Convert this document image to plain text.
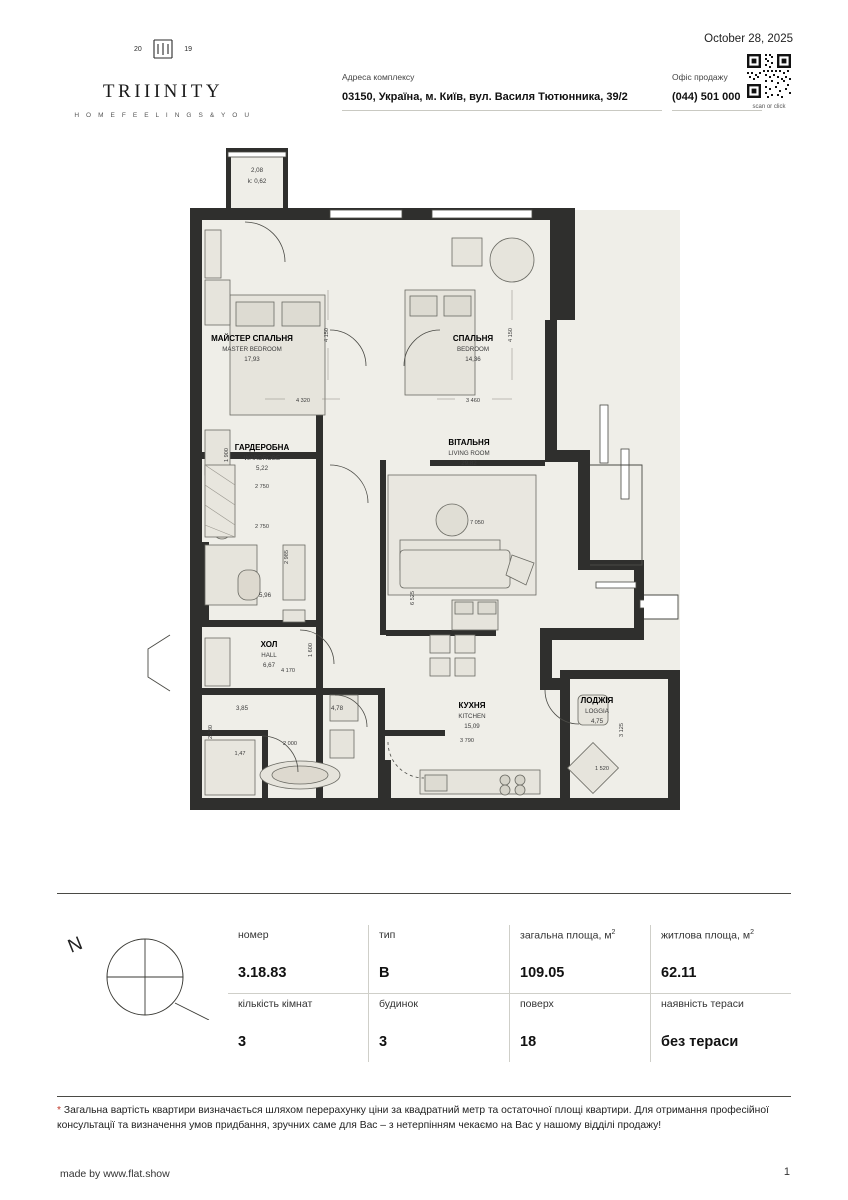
20	19
TRIIINITY
H O M E F E E L I N G S & Y O U
October 28, 2025
Адреса комплексу
03150, Україна, м. Київ, вул. Василя Тютюнника, 39/2
Офіс продажу
(044) 501 000
scan or click
МАЙСТЕР СПАЛЬНЯ
MASTER BEDROOM
17,93
СПАЛЬНЯ
BEDROOM
14,36
ГАРДЕРОБНА
WARDROBE
5,22
ВІТАЛЬНЯ
LIVING ROOM
29,82
ХОЛ
HALL
6,67
КУХНЯ
KITCHEN
15,09
ЛОДЖІЯ
LOGGIA
4,75
2,08
k: 0,62
5,96
4,78
3,85
4 150	4 150
4 320	3 460
1 900
2 750
2 750
2 985
7 050
6 525
1 600
4 170
2 380
2 000
1,47
3 790
3 125
1 520
N	номер
3.18.83
тип
B
загальна площа, $м^2$
109.05
житлова площа, $м^2$
62.11
кількість кімнат
3
будинок
3
поверх
18
наявність тераси
без тераси
* Загальна вартість квартири визначається шляхом перерахунку ціни за квадратний метр та остаточної площі квартири. Для отримання професійної консультації та визначення умов придбання, зручних саме для Вас – з нетерпінням чекаємо на Вас у нашому відділі продажу!
made by www.flat.show	1
